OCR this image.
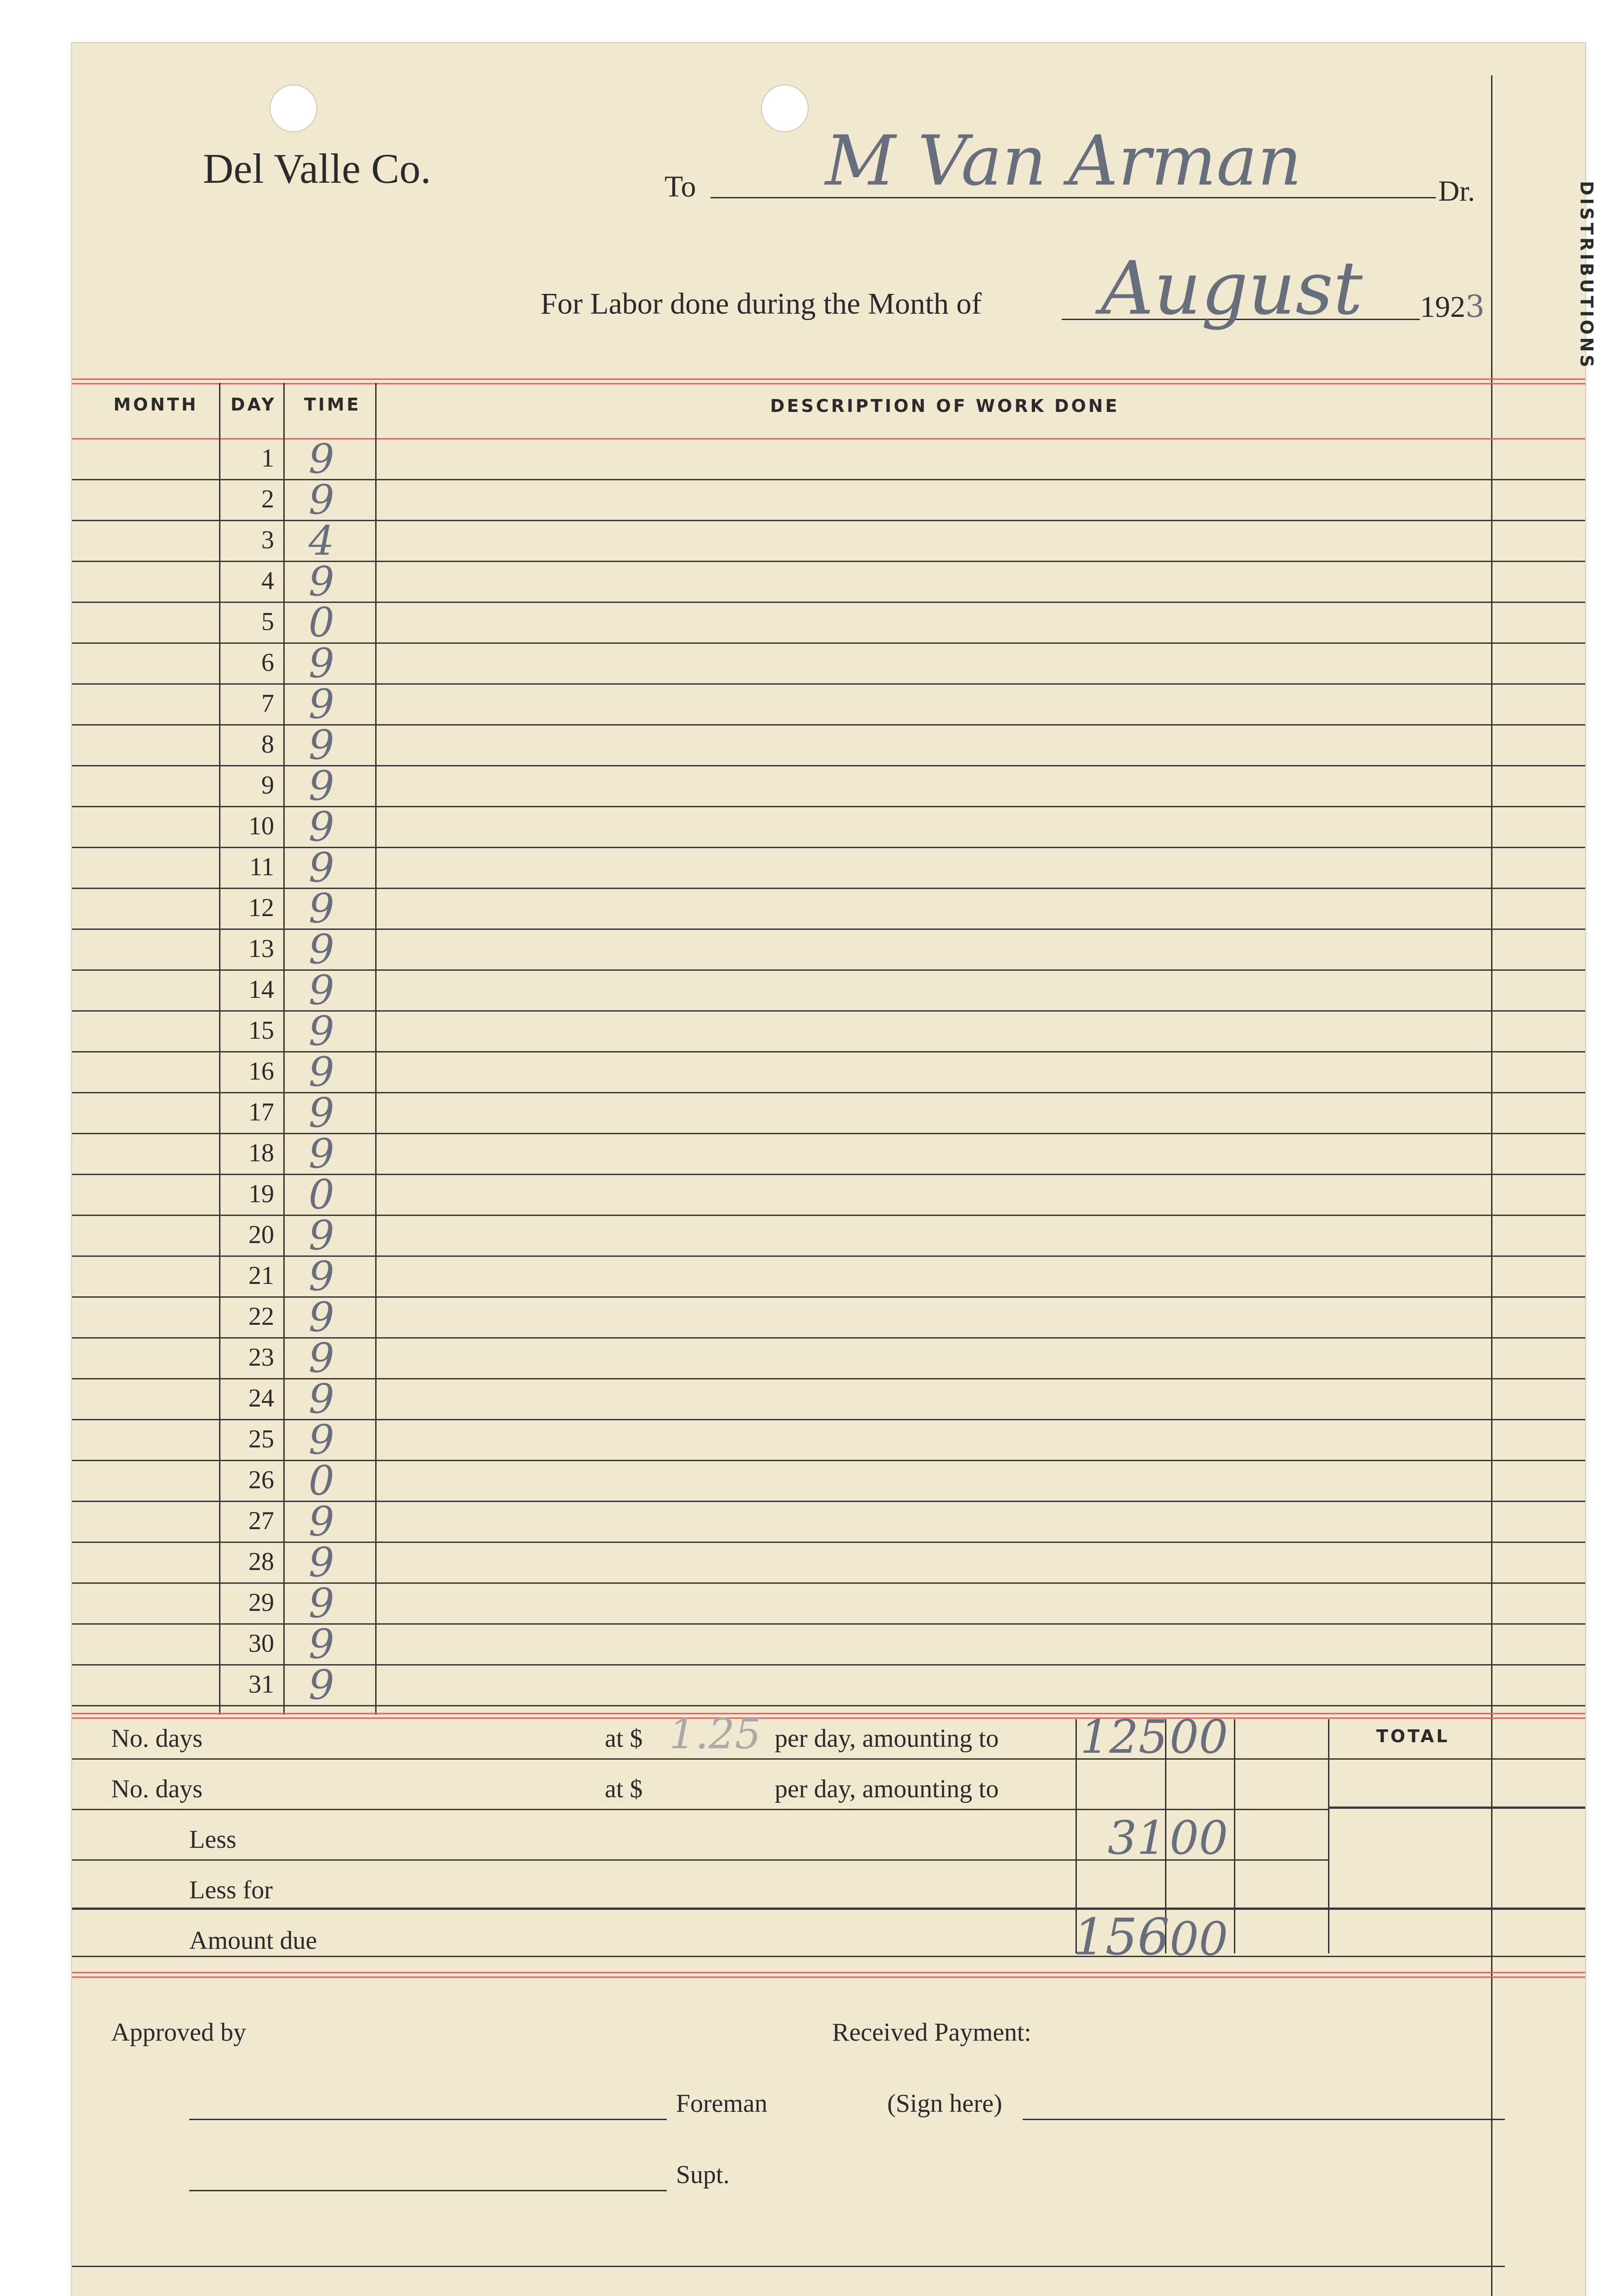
Del Valle Co.	To M Van Arman	Dr.
For Labor done during the Month of August 1923	DISTRIBUTIONS
MONTH DAY TIME	DESCRIPTION OF WORK DONE
1 9
2 9
3 4
4 9
5 0
6 9
7 9
8 9
9 9
10 9
11 9
12 9
13 9
14 9
15 9
16 9
17 9
18 9
19 0
20 9
21 9
22 9
23 9
24 9
25 9
26 0
27 9
28 9
29 9
30 9
31 9
No. days	at $ 1.25 per day, amounting to 125 00	TOTAL
No. days	at $	per day, amounting to
Less	31 00
Less for
Amount due	156 00
Approved by	Received Payment:
Foreman	(Sign here)
Supt.
